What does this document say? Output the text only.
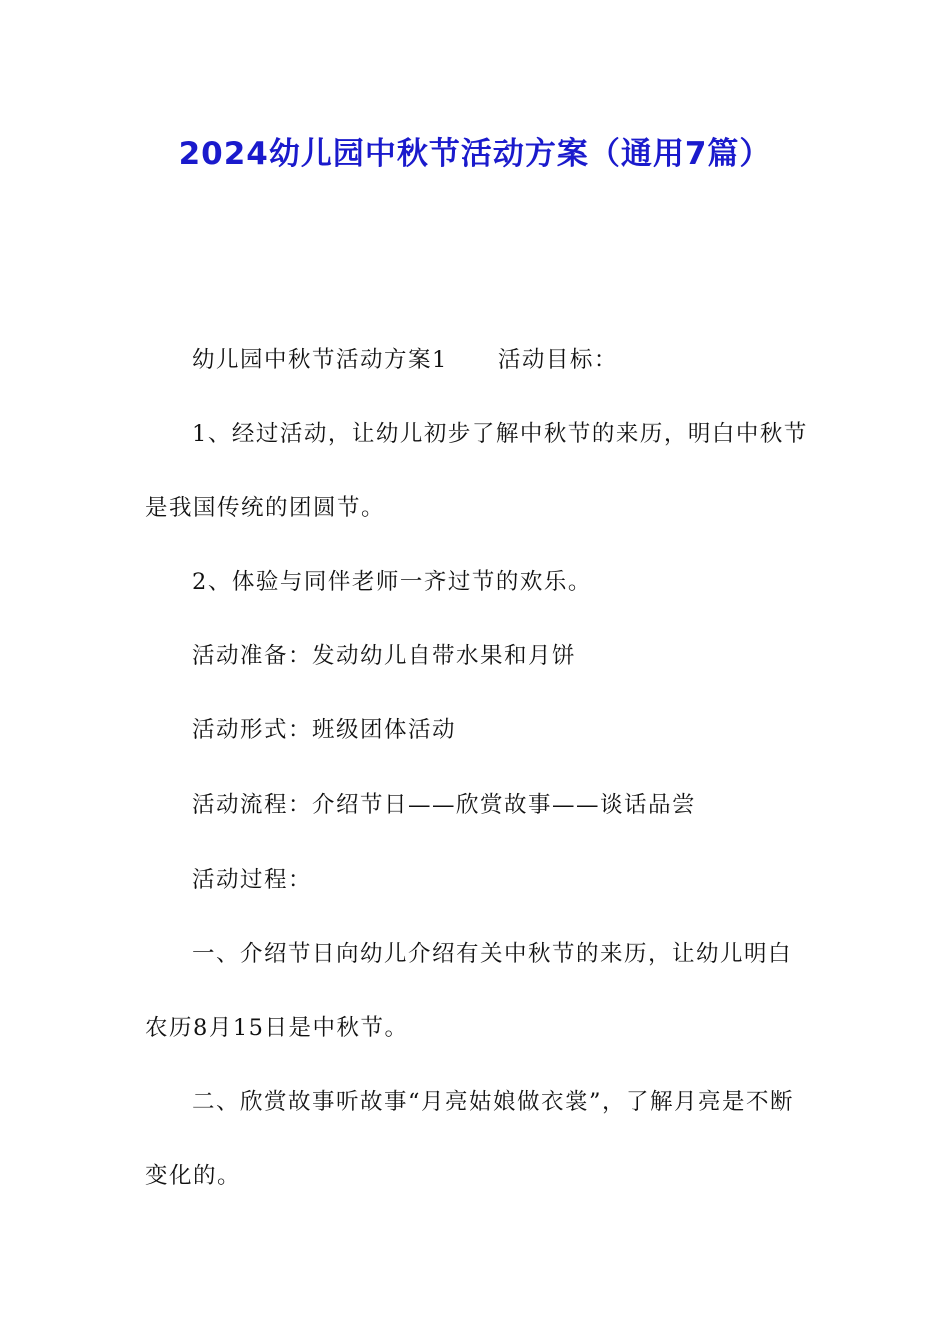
2024幼儿园中秋节活动方案（通用7篇）

幼儿园中秋节活动方案1 活动目标：

1、经过活动，让幼儿初步了解中秋节的来历，明白中秋节是我国传统的团圆节。

2、体验与同伴老师一齐过节的欢乐。

活动准备：发动幼儿自带水果和月饼

活动形式：班级团体活动

活动流程：介绍节日——欣赏故事——谈话品尝

活动过程：

一、介绍节日向幼儿介绍有关中秋节的来历，让幼儿明白农历8月15日是中秋节。

二、欣赏故事听故事“月亮姑娘做衣裳”，了解月亮是不断变化的。
